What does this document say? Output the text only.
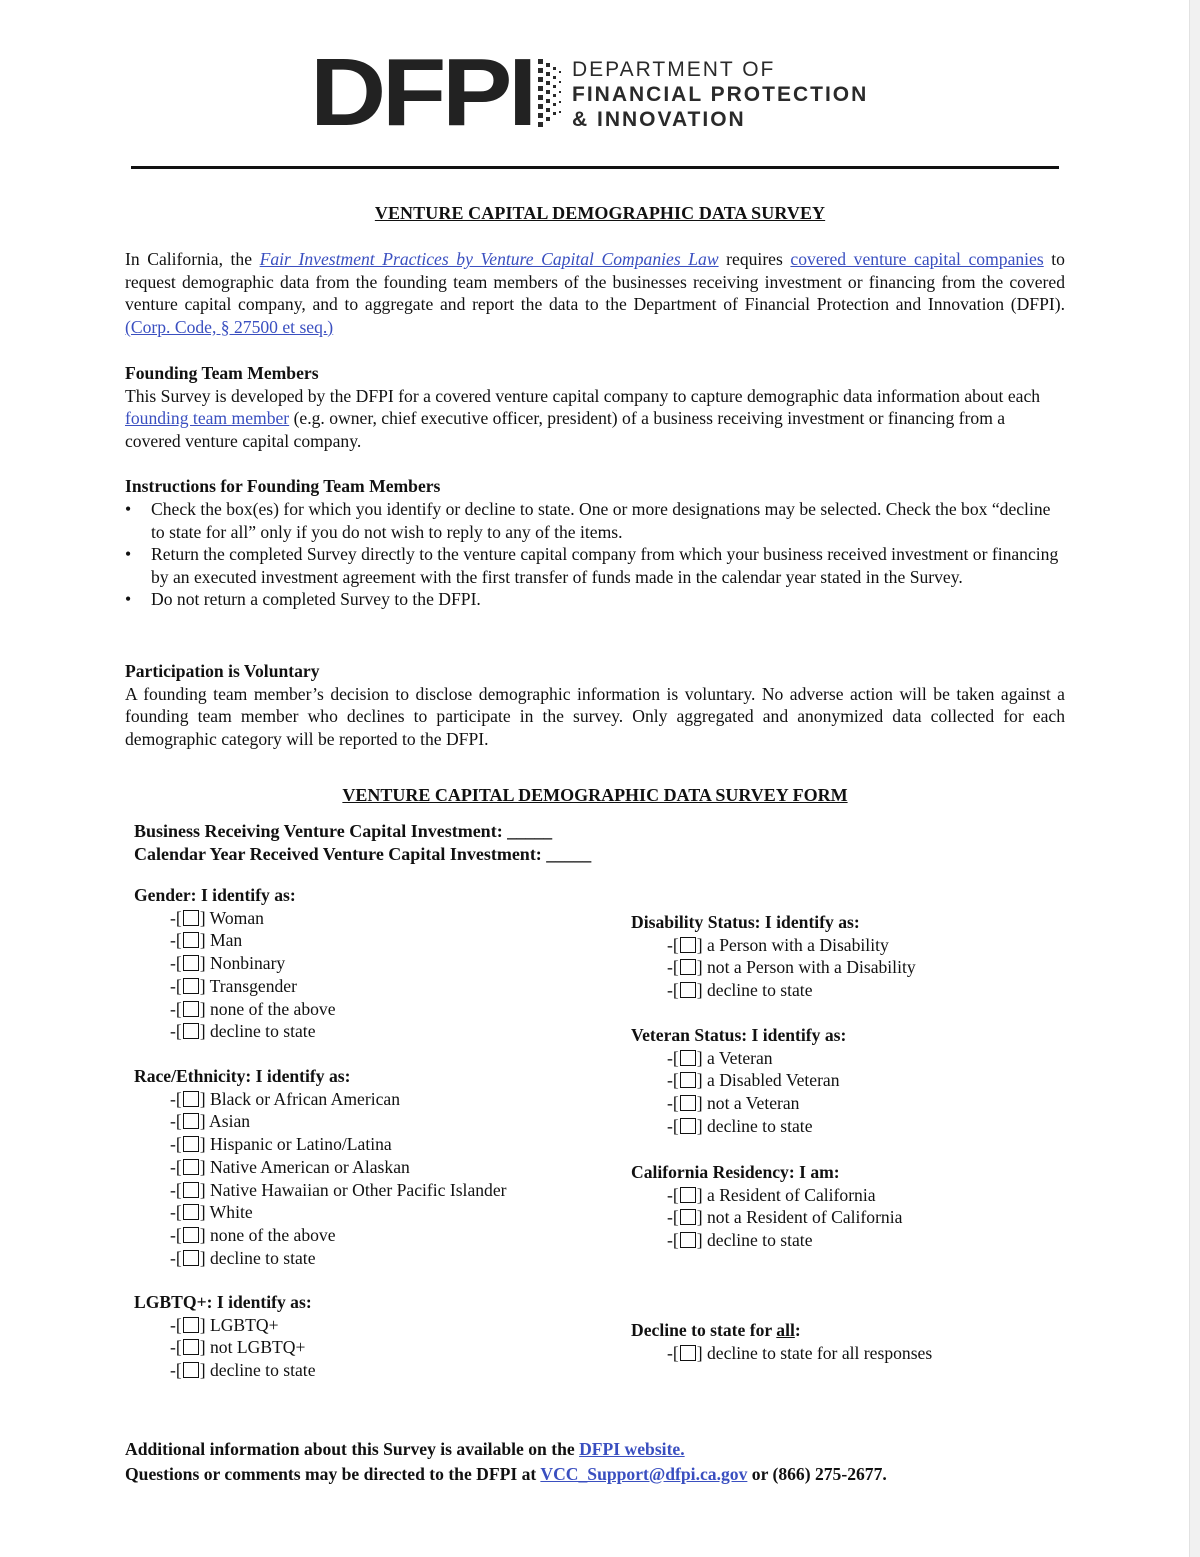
DFPI DEPARTMENT OF
FINANCIAL PROTECTION
& INNOVATION
VENTURE CAPITAL DEMOGRAPHIC DATA SURVEY
In California, the Fair Investment Practices by Venture Capital Companies Law requires covered venture capital companies to request demographic data from the founding team members of the businesses receiving investment or financing from the covered venture capital company, and to aggregate and report the data to the Department of Financial Protection and Innovation (DFPI). (Corp. Code, § 27500 et seq.)
Founding Team Members
This Survey is developed by the DFPI for a covered venture capital company to capture demographic data information about each founding team member (e.g. owner, chief executive officer, president) of a business receiving investment or financing from a covered venture capital company.
Instructions for Founding Team Members
• Check the box(es) for which you identify or decline to state. One or more designations may be selected. Check the box “decline to state for all” only if you do not wish to reply to any of the items.
• Return the completed Survey directly to the venture capital company from which your business received investment or financing by an executed investment agreement with the first transfer of funds made in the calendar year stated in the Survey.
• Do not return a completed Survey to the DFPI.
Participation is Voluntary
A founding team member’s decision to disclose demographic information is voluntary. No adverse action will be taken against a founding team member who declines to participate in the survey. Only aggregated and anonymized data collected for each demographic category will be reported to the DFPI.
VENTURE CAPITAL DEMOGRAPHIC DATA SURVEY FORM
Business Receiving Venture Capital Investment: _____
Calendar Year Received Venture Capital Investment: _____
Gender: I identify as:
-[ ] Woman
-[ ] Man
-[ ] Nonbinary
-[ ] Transgender
-[ ] none of the above
-[ ] decline to state
Race/Ethnicity: I identify as:
-[ ] Black or African American
-[ ] Asian
-[ ] Hispanic or Latino/Latina
-[ ] Native American or Alaskan
-[ ] Native Hawaiian or Other Pacific Islander
-[ ] White
-[ ] none of the above
-[ ] decline to state
LGBTQ+: I identify as:
-[ ] LGBTQ+
-[ ] not LGBTQ+
-[ ] decline to state
Disability Status: I identify as:
-[ ] a Person with a Disability
-[ ] not a Person with a Disability
-[ ] decline to state
Veteran Status: I identify as:
-[ ] a Veteran
-[ ] a Disabled Veteran
-[ ] not a Veteran
-[ ] decline to state
California Residency: I am:
-[ ] a Resident of California
-[ ] not a Resident of California
-[ ] decline to state
Decline to state for all:
-[ ] decline to state for all responses
Additional information about this Survey is available on the DFPI website.
Questions or comments may be directed to the DFPI at VCC_Support@dfpi.ca.gov or (866) 275-2677.
